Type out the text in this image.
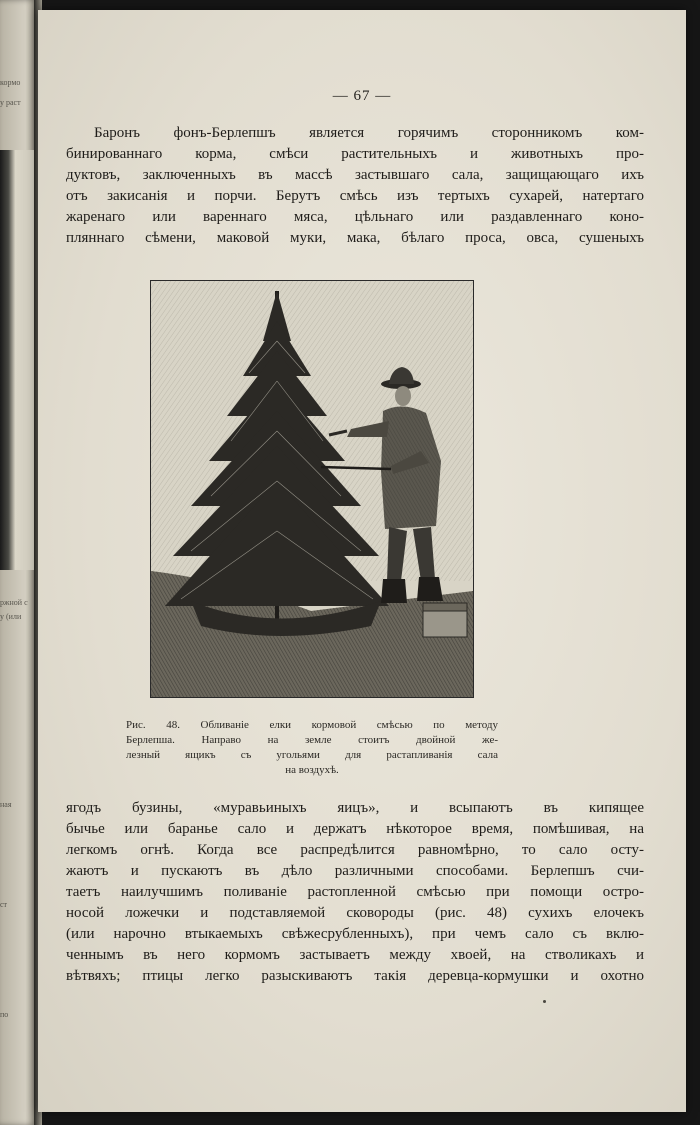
кормо
у раст
ржной с
у (или
ная
ст
по
— 67 —
Баронъ фонъ-Берлепшъ является горячимъ сторонникомъ ком-
бинированнаго корма, смѣси растительныхъ и животныхъ про-
дуктовъ, заключенныхъ въ массѣ застывшаго сала, защищающаго ихъ
отъ закисанія и порчи. Берутъ смѣсь изъ тертыхъ сухарей, натертаго
жаренаго или вареннаго мяса, цѣльнаго или раздавленнаго коно-
пляннаго сѣмени, маковой муки, мака, бѣлаго проса, овса, сушеныхъ
Рис. 48. Обливаніе елки кормовой смѣсью по методу
Берлепша. Направо на земле стоитъ двойной же-
лезный ящикъ съ угольями для растапливанія сала
на воздухѣ.
ягодъ бузины, «муравьиныхъ яицъ», и всыпаютъ въ кипящее
бычье или баранье сало и держатъ нѣкоторое время, помѣшивая, на
легкомъ огнѣ. Когда все распредѣлится равномѣрно, то сало осту-
жаютъ и пускаютъ въ дѣло различными способами. Берлепшъ счи-
таетъ наилучшимъ поливаніе растопленной смѣсью при помощи остро-
носой ложечки и подставляемой сковороды (рис. 48) сухихъ елочекъ
(или нарочно втыкаемыхъ свѣжесрубленныхъ), при чемъ сало съ вклю-
ченнымъ въ него кормомъ застываетъ между хвоей, на стволикахъ и
вѣтвяхъ; птицы легко разыскиваютъ такія деревца-кормушки и охотно
